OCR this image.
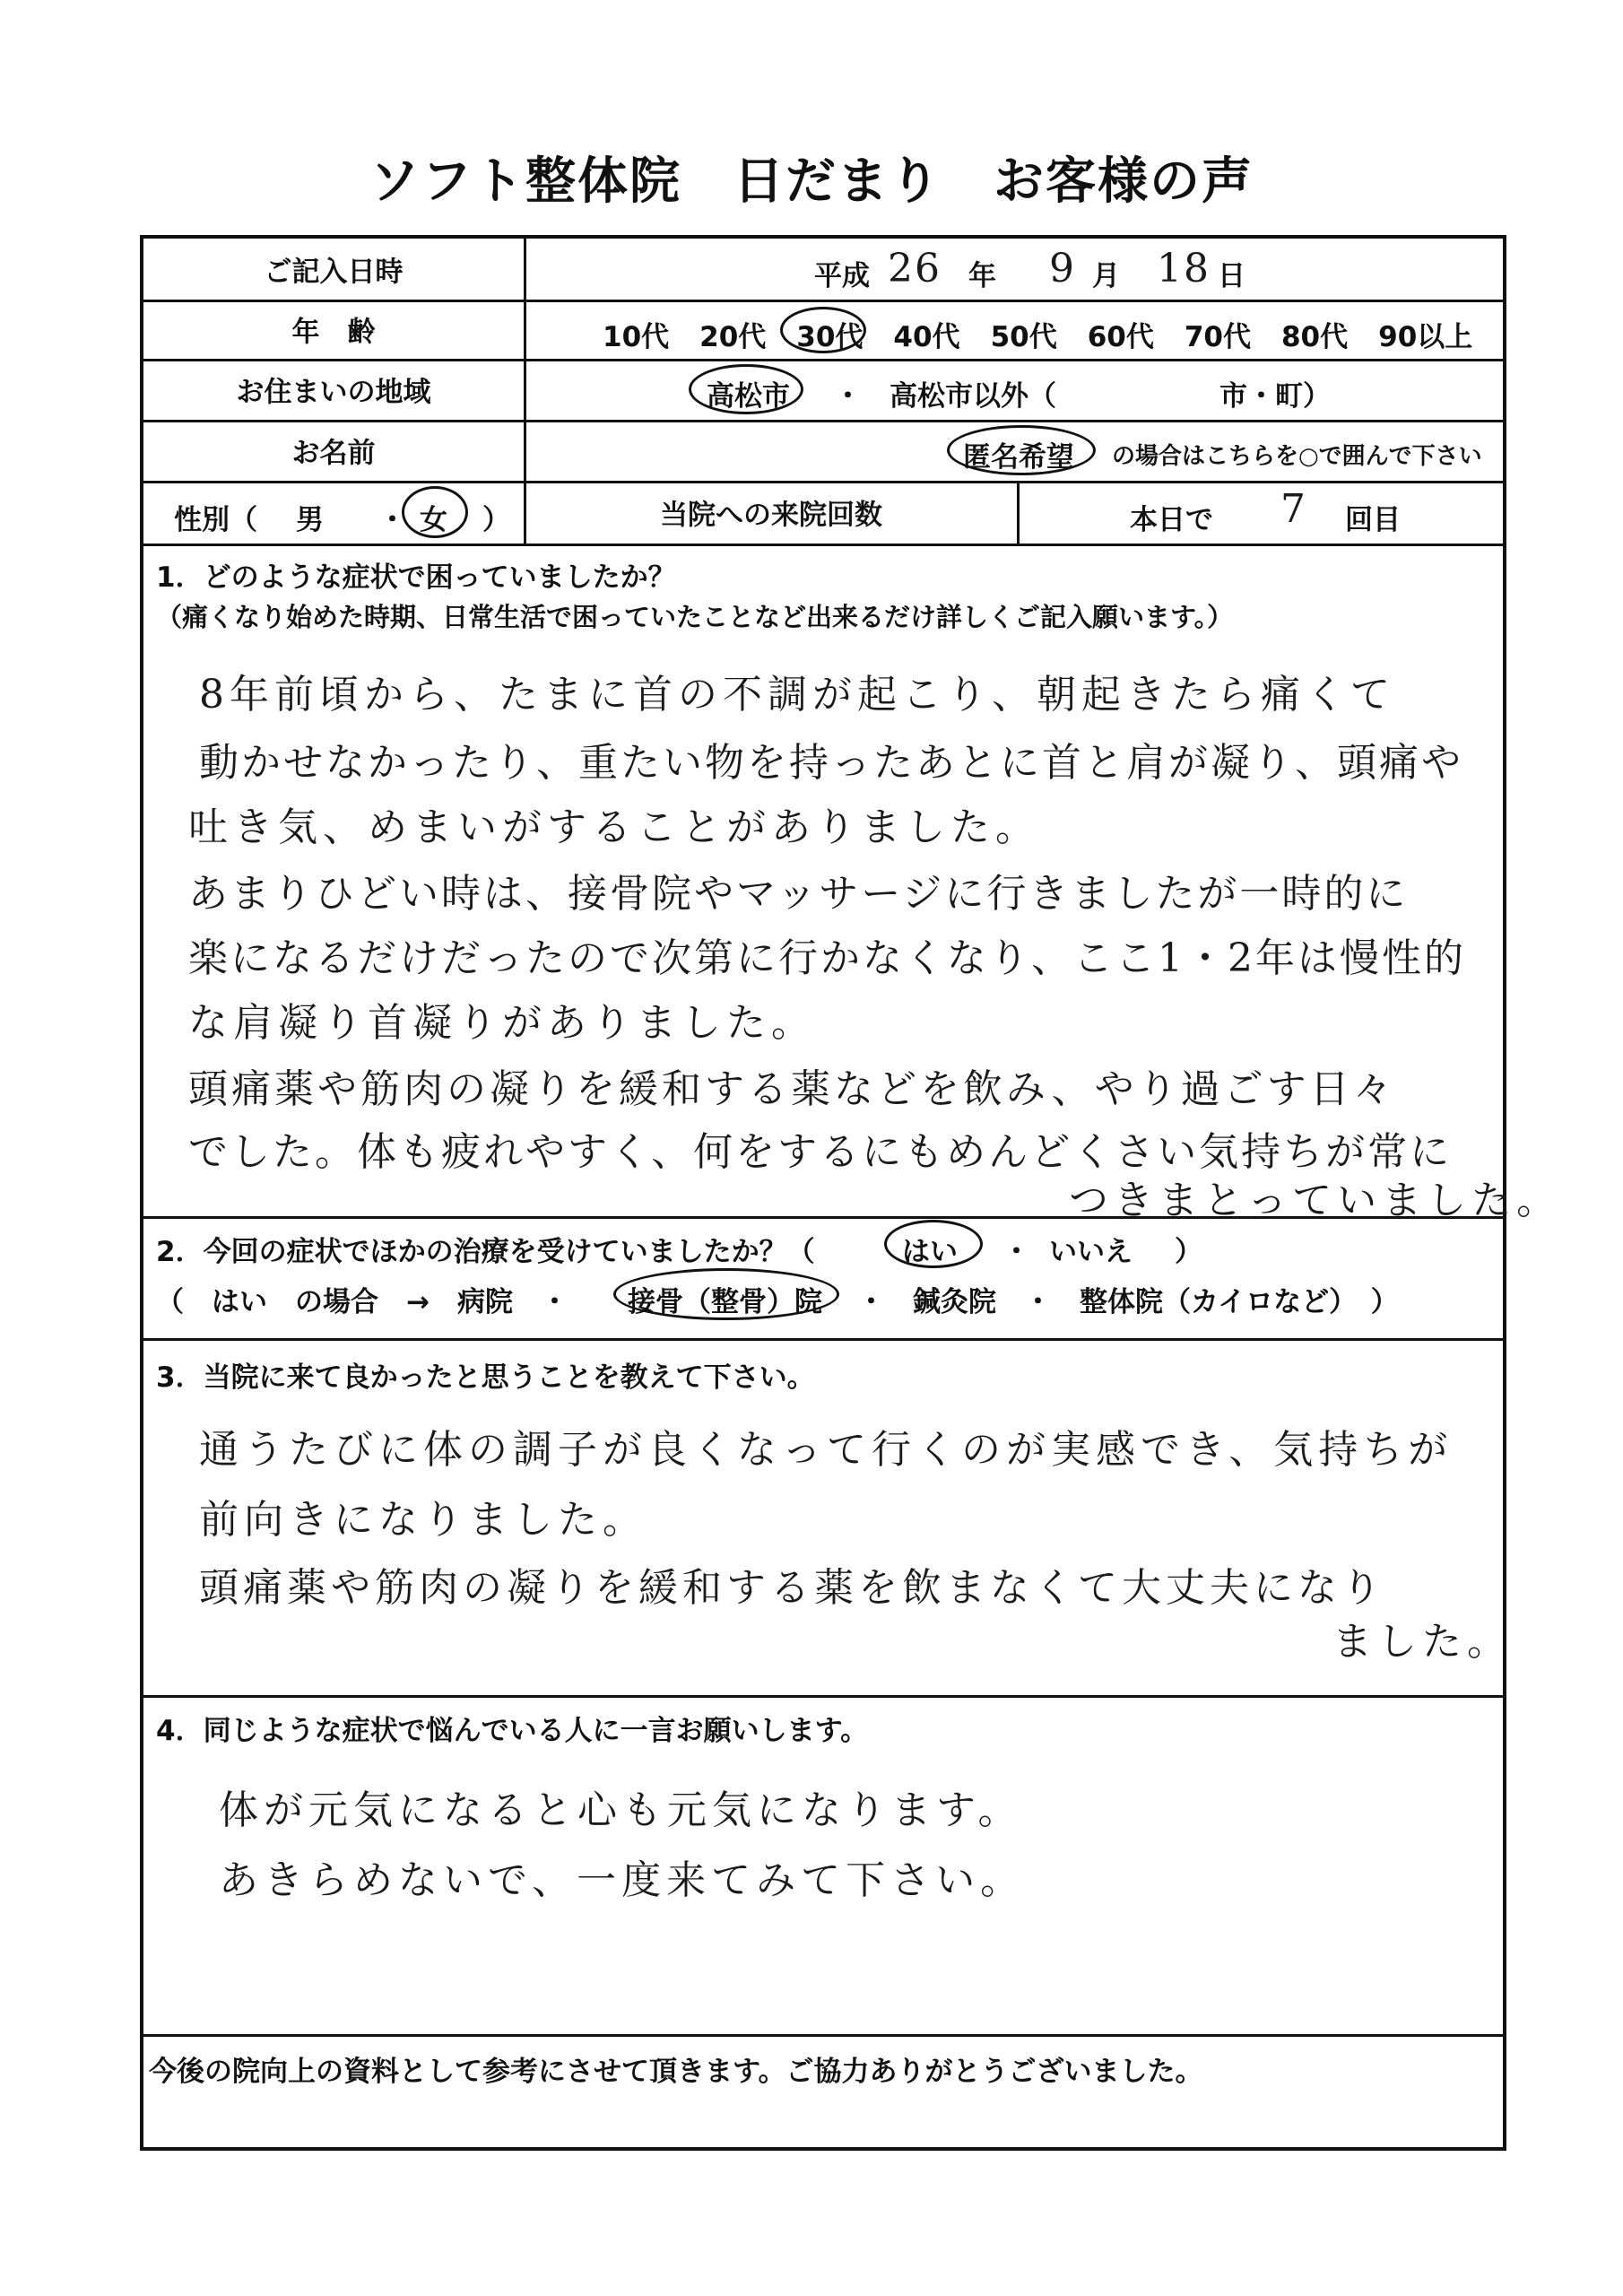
ソフト整体院　日だまり　お客様の声
ご記入日時	平成 26 年 9 月 18 日
年　齢	10代 20代 30代 40代 50代 60代 70代 80代 90以上
お住まいの地域	高松市 ・ 高松市以外（	市・町）
お名前	匿名希望 の場合はこちらを○で囲んで下さい
性別（ 男 ・ 女 ）	当院への来院回数	本日で 7 回目
1．どのような症状で困っていましたか？
（痛くなり始めた時期、日常生活で困っていたことなど出来るだけ詳しくご記入願います。）
8年前頃から、たまに首の不調が起こり、朝起きたら痛くて
動かせなかったり、重たい物を持ったあとに首と肩が凝り、頭痛や
吐き気、めまいがすることがありました。
あまりひどい時は、接骨院やマッサージに行きましたが一時的に
楽になるだけだったので次第に行かなくなり、ここ1・2年は慢性的
な肩凝り首凝りがありました。
頭痛薬や筋肉の凝りを緩和する薬などを飲み、やり過ごす日々
でした。体も疲れやすく、何をするにもめんどくさい気持ちが常に
つきまとっていました。
2．今回の症状でほかの治療を受けていましたか？（	はい ・ いいえ ）
（　はい　の場合　→　病院　・ 接骨（整骨）院 ・　鍼灸院　・　整体院（カイロなど）　）
3．当院に来て良かったと思うことを教えて下さい。
通うたびに体の調子が良くなって行くのが実感でき、気持ちが
前向きになりました。
頭痛薬や筋肉の凝りを緩和する薬を飲まなくて大丈夫になり
ました。
4．同じような症状で悩んでいる人に一言お願いします。
体が元気になると心も元気になります。
あきらめないで、一度来てみて下さい。
今後の院向上の資料として参考にさせて頂きます。ご協力ありがとうございました。
